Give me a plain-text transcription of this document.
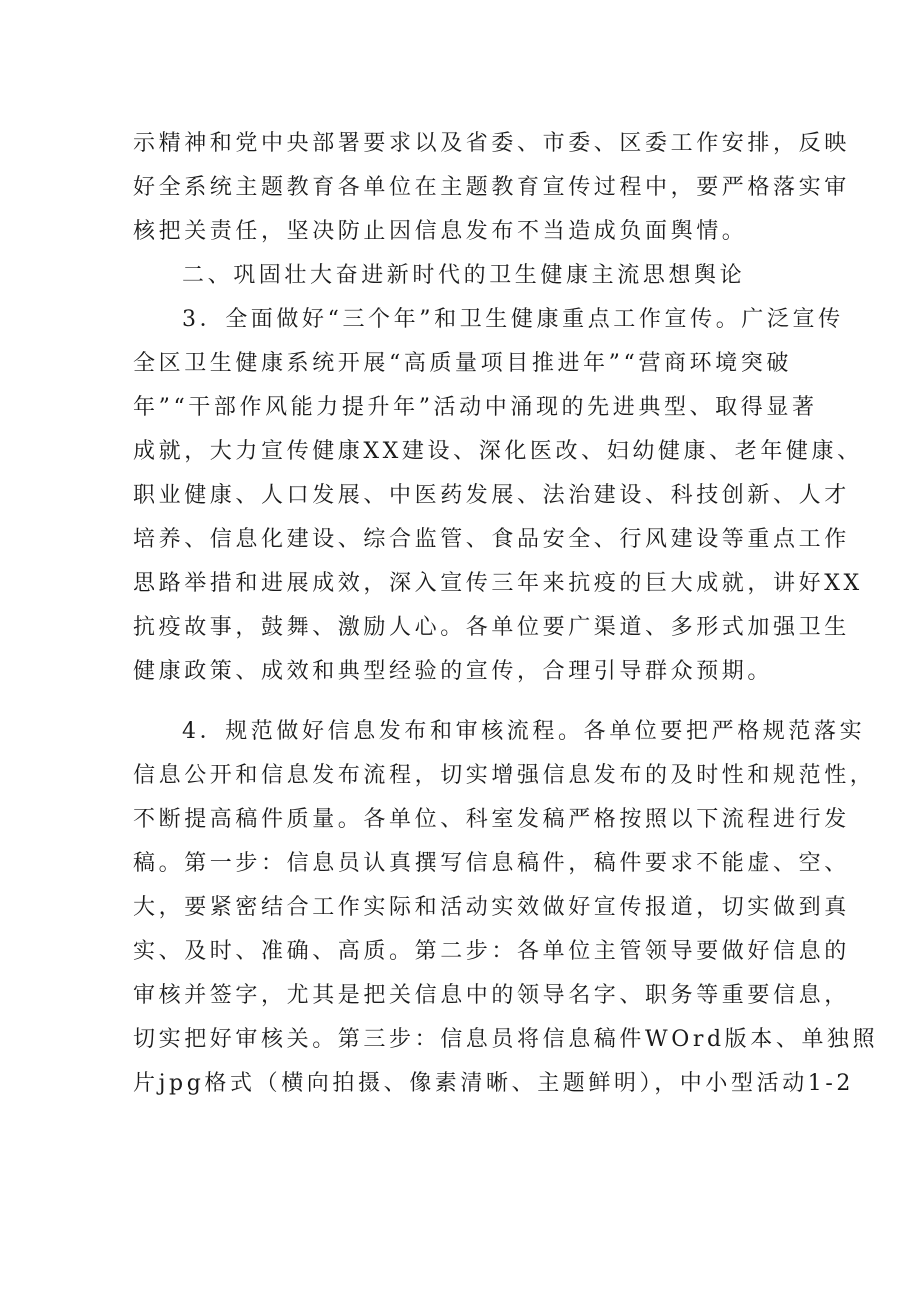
示精神和党中央部署要求以及省委、市委、区委工作安排，反映
好全系统主题教育各单位在主题教育宣传过程中，要严格落实审
核把关责任，坚决防止因信息发布不当造成负面舆情。
二、巩固壮大奋进新时代的卫生健康主流思想舆论
3．全面做好“三个年”和卫生健康重点工作宣传。广泛宣传
全区卫生健康系统开展“高质量项目推进年”“营商环境突破
年”“干部作风能力提升年”活动中涌现的先进典型、取得显著
成就，大力宣传健康XX建设、深化医改、妇幼健康、老年健康、
职业健康、人口发展、中医药发展、法治建设、科技创新、人才
培养、信息化建设、综合监管、食品安全、行风建设等重点工作
思路举措和进展成效，深入宣传三年来抗疫的巨大成就，讲好XX
抗疫故事，鼓舞、激励人心。各单位要广渠道、多形式加强卫生
健康政策、成效和典型经验的宣传，合理引导群众预期。
4．规范做好信息发布和审核流程。各单位要把严格规范落实
信息公开和信息发布流程，切实增强信息发布的及时性和规范性，
不断提高稿件质量。各单位、科室发稿严格按照以下流程进行发
稿。第一步：信息员认真撰写信息稿件，稿件要求不能虚、空、
大，要紧密结合工作实际和活动实效做好宣传报道，切实做到真
实、及时、准确、高质。第二步：各单位主管领导要做好信息的
审核并签字，尤其是把关信息中的领导名字、职务等重要信息，
切实把好审核关。第三步：信息员将信息稿件WOrd版本、单独照
片jpg格式（横向拍摄、像素清晰、主题鲜明），中小型活动1-2
